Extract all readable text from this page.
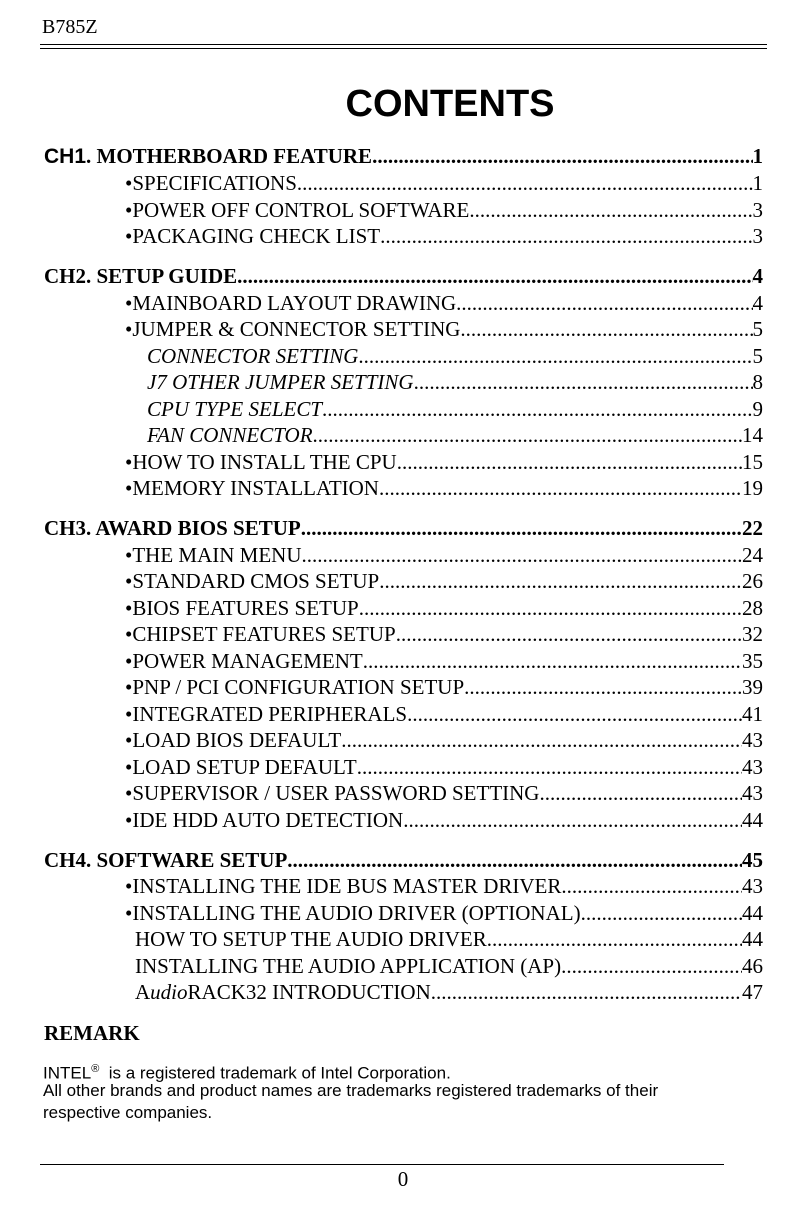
B785Z
CONTENTS
CH1. MOTHERBOARD FEATURE .....	1
•SPECIFICATIONS .....	1
•POWER OFF CONTROL SOFTWARE .....	3
•PACKAGING CHECK LIST .....	3
CH2. SETUP GUIDE .....	4
•MAINBOARD LAYOUT DRAWING .....	4
•JUMPER & CONNECTOR SETTING .....	5
CONNECTOR SETTING .....	5
J7 OTHER JUMPER SETTING .....	8
CPU TYPE SELECT .....	9
FAN CONNECTOR .....	14
•HOW TO INSTALL THE CPU .....	15
•MEMORY INSTALLATION .....	19
CH3. AWARD BIOS SETUP .....	22
•THE MAIN MENU .....	24
•STANDARD CMOS SETUP .....	26
•BIOS FEATURES SETUP .....	28
•CHIPSET FEATURES SETUP .....	32
•POWER MANAGEMENT .....	35
•PNP / PCI CONFIGURATION SETUP .....	39
•INTEGRATED PERIPHERALS .....	41
•LOAD BIOS DEFAULT .....	43
•LOAD SETUP DEFAULT .....	43
•SUPERVISOR / USER PASSWORD SETTING .....	43
•IDE HDD AUTO DETECTION .....	44
CH4. SOFTWARE SETUP .....	45
•INSTALLING THE IDE BUS MASTER DRIVER .....	43
•INSTALLING THE AUDIO DRIVER (OPTIONAL) .....	44
HOW TO SETUP THE AUDIO DRIVER .....	44
INSTALLING THE AUDIO APPLICATION (AP) .....	46
AudioRACK32 INTRODUCTION .....	47
REMARK
INTEL®  is a registered trademark of Intel Corporation.
All other brands and product names are trademarks registered trademarks of their
respective companies.
0
